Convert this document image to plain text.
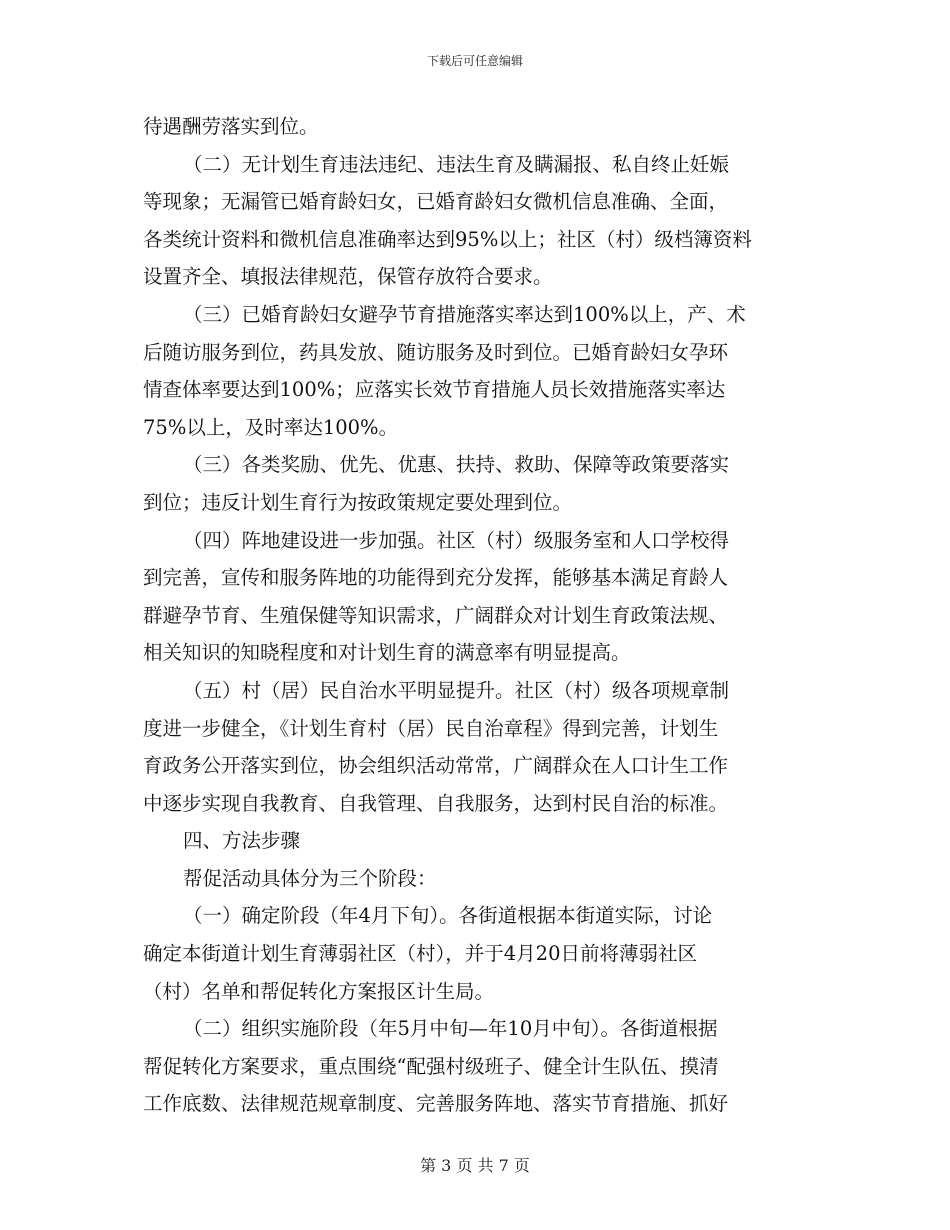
下载后可任意编辑
待遇酬劳落实到位。
（二）无计划生育违法违纪、违法生育及瞒漏报、私自终止妊娠
等现象；无漏管已婚育龄妇女，已婚育龄妇女微机信息准确、全面，
各类统计资料和微机信息准确率达到95%以上；社区（村）级档簿资料
设置齐全、填报法律规范，保管存放符合要求。
（三）已婚育龄妇女避孕节育措施落实率达到100%以上，产、术
后随访服务到位，药具发放、随访服务及时到位。已婚育龄妇女孕环
情查体率要达到100%；应落实长效节育措施人员长效措施落实率达
75%以上，及时率达100%。
（三）各类奖励、优先、优惠、扶持、救助、保障等政策要落实
到位；违反计划生育行为按政策规定要处理到位。
（四）阵地建设进一步加强。社区（村）级服务室和人口学校得
到完善，宣传和服务阵地的功能得到充分发挥，能够基本满足育龄人
群避孕节育、生殖保健等知识需求，广阔群众对计划生育政策法规、
相关知识的知晓程度和对计划生育的满意率有明显提高。
（五）村（居）民自治水平明显提升。社区（村）级各项规章制
度进一步健全，《计划生育村（居）民自治章程》得到完善，计划生
育政务公开落实到位，协会组织活动常常，广阔群众在人口计生工作
中逐步实现自我教育、自我管理、自我服务，达到村民自治的标准。
四、方法步骤
帮促活动具体分为三个阶段：
（一）确定阶段（年4月下旬）。各街道根据本街道实际，讨论
确定本街道计划生育薄弱社区（村），并于4月20日前将薄弱社区
（村）名单和帮促转化方案报区计生局。
（二）组织实施阶段（年5月中旬—年10月中旬）。各街道根据
帮促转化方案要求，重点围绕“配强村级班子、健全计生队伍、摸清
工作底数、法律规范规章制度、完善服务阵地、落实节育措施、抓好
第 3 页 共 7 页
